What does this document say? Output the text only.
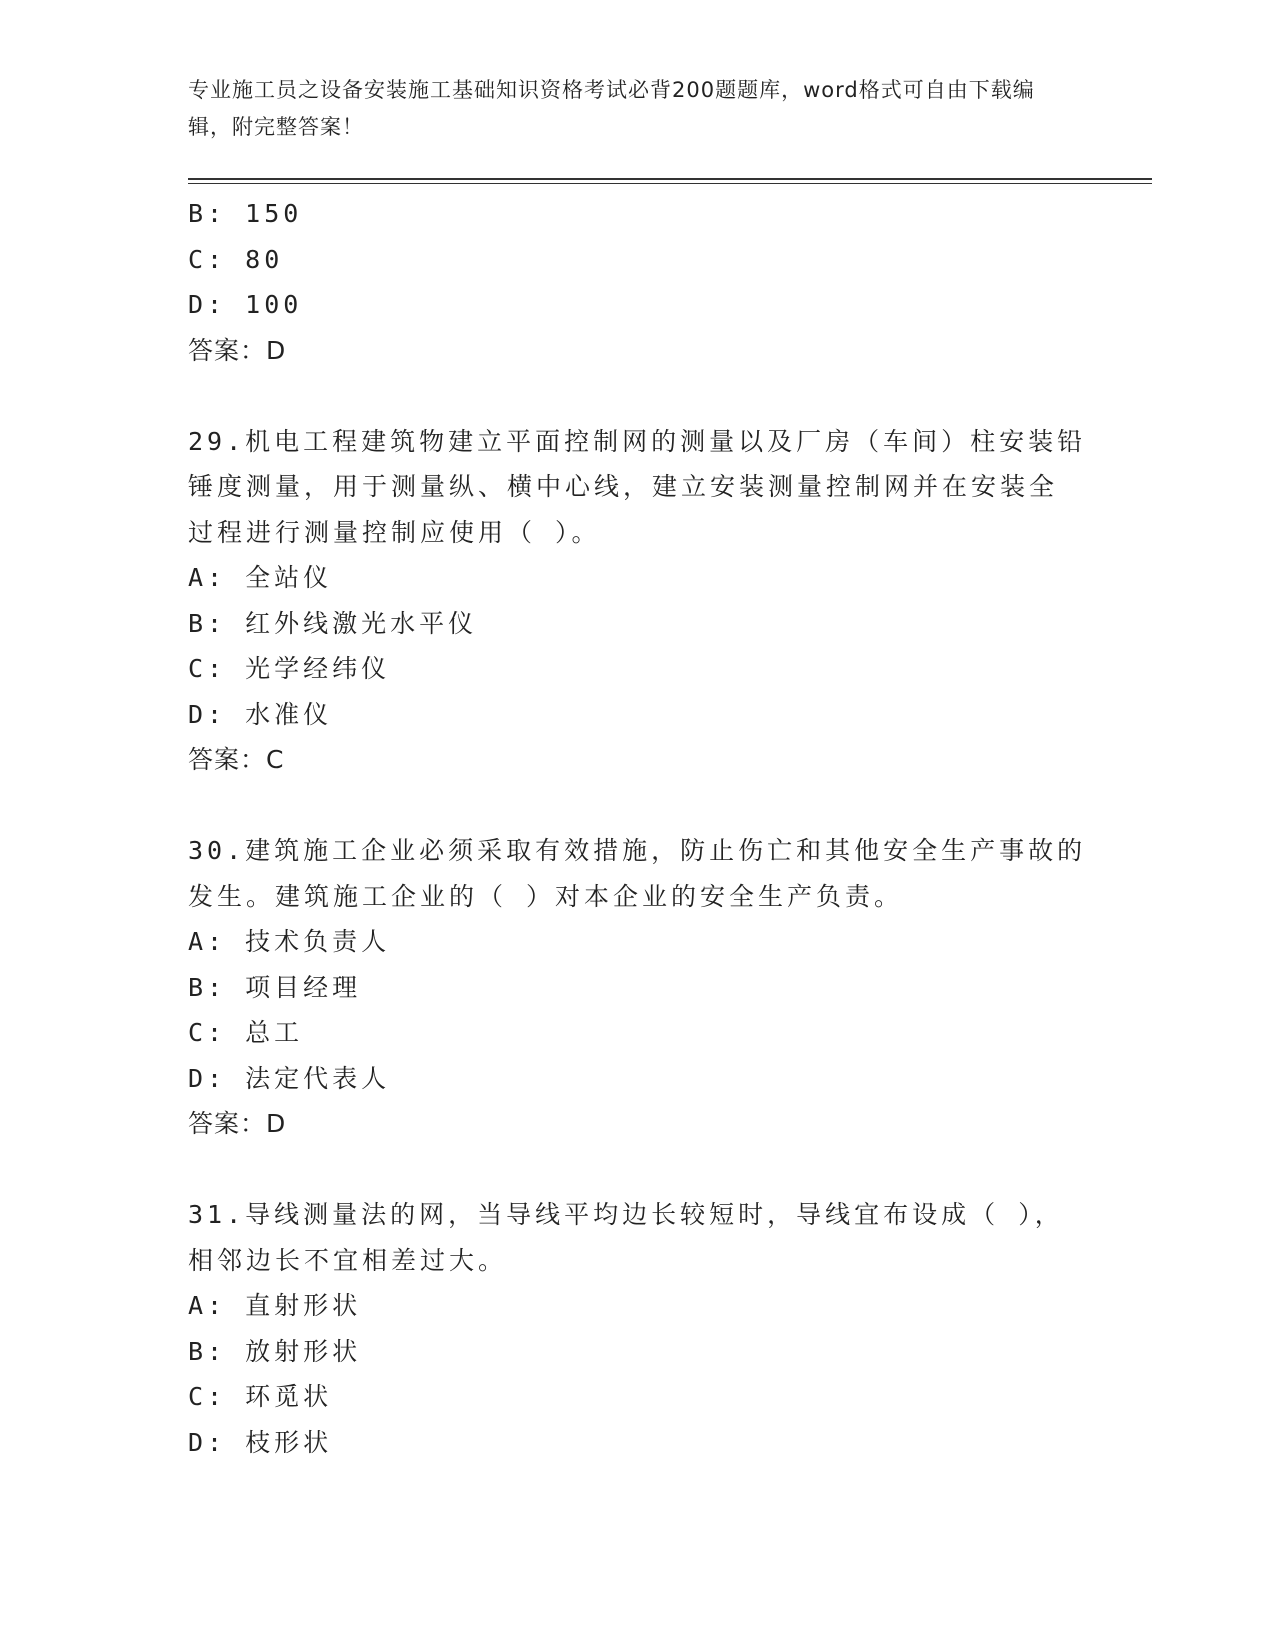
专业施工员之设备安装施工基础知识资格考试必背200题题库，word格式可自由下载编辑，附完整答案！
B: 150
C: 80
D: 100
答案：D
29.机电工程建筑物建立平面控制网的测量以及厂房（车间）柱安装铅
锤度测量，用于测量纵、横中心线，建立安装测量控制网并在安装全
过程进行测量控制应使用（ ）。
A: 全站仪
B: 红外线激光水平仪
C: 光学经纬仪
D: 水准仪
答案：C
30.建筑施工企业必须采取有效措施，防止伤亡和其他安全生产事故的
发生。建筑施工企业的（ ）对本企业的安全生产负责。
A: 技术负责人
B: 项目经理
C: 总工
D: 法定代表人
答案：D
31.导线测量法的网，当导线平均边长较短时，导线宜布设成（ ），
相邻边长不宜相差过大。
A: 直射形状
B: 放射形状
C: 环觅状
D: 枝形状
